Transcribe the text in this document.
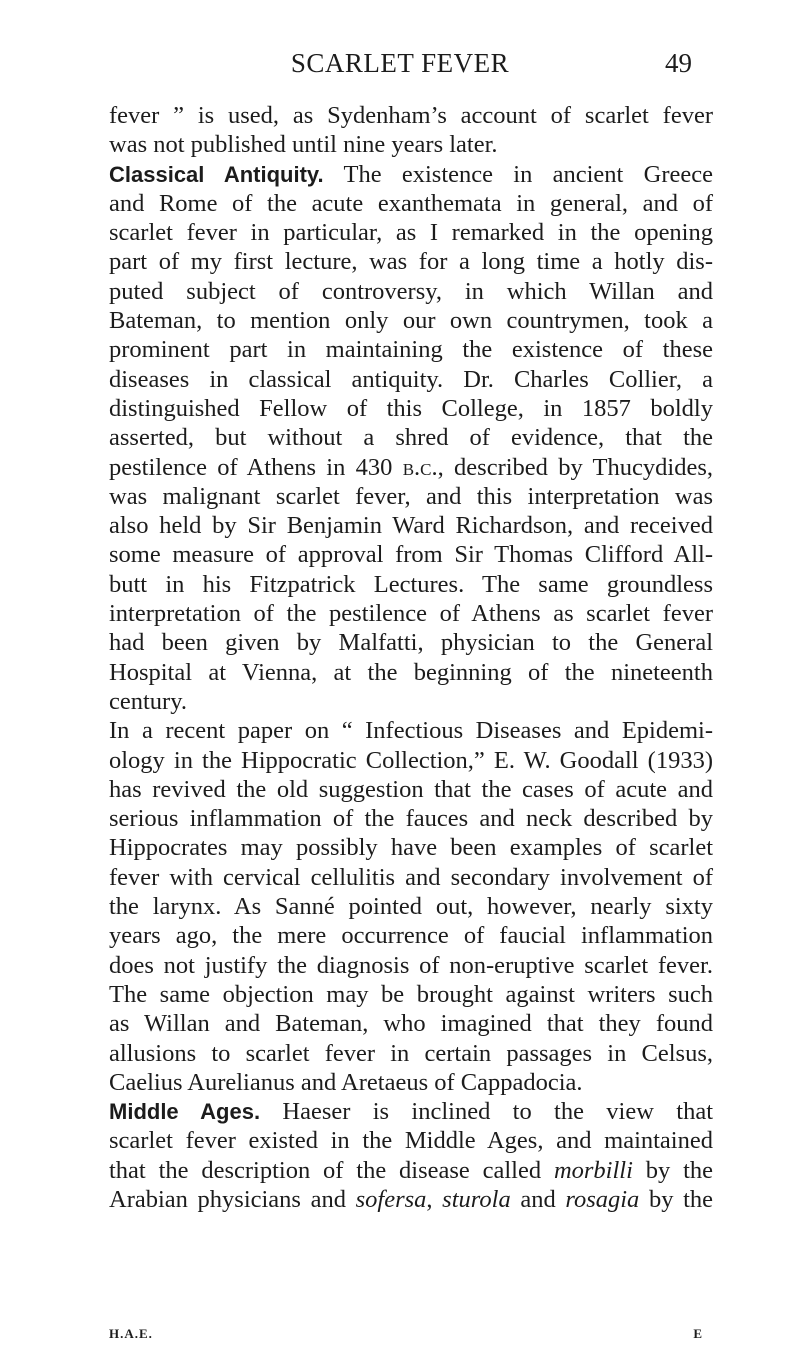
SCARLET FEVER	49
fever ” is used, as Sydenham’s account of scarlet fever
was not published until nine years later.
Classical Antiquity. The existence in ancient Greece
and Rome of the acute exanthemata in general, and of
scarlet fever in particular, as I remarked in the opening
part of my first lecture, was for a long time a hotly dis-
puted subject of controversy, in which Willan and
Bateman, to mention only our own countrymen, took a
prominent part in maintaining the existence of these
diseases in classical antiquity. Dr. Charles Collier, a
distinguished Fellow of this College, in 1857 boldly
asserted, but without a shred of evidence, that the
pestilence of Athens in 430 b.c., described by Thucydides,
was malignant scarlet fever, and this interpretation was
also held by Sir Benjamin Ward Richardson, and received
some measure of approval from Sir Thomas Clifford All-
butt in his Fitzpatrick Lectures. The same groundless
interpretation of the pestilence of Athens as scarlet fever
had been given by Malfatti, physician to the General
Hospital at Vienna, at the beginning of the nineteenth
century.
In a recent paper on “ Infectious Diseases and Epidemi-
ology in the Hippocratic Collection,” E. W. Goodall (1933)
has revived the old suggestion that the cases of acute and
serious inflammation of the fauces and neck described by
Hippocrates may possibly have been examples of scarlet
fever with cervical cellulitis and secondary involvement of
the larynx. As Sanné pointed out, however, nearly sixty
years ago, the mere occurrence of faucial inflammation
does not justify the diagnosis of non-eruptive scarlet fever.
The same objection may be brought against writers such
as Willan and Bateman, who imagined that they found
allusions to scarlet fever in certain passages in Celsus,
Caelius Aurelianus and Aretaeus of Cappadocia.
Middle Ages. Haeser is inclined to the view that
scarlet fever existed in the Middle Ages, and maintained
that the description of the disease called morbilli by the
Arabian physicians and sofersa, sturola and rosagia by the
H.A.E.	E
